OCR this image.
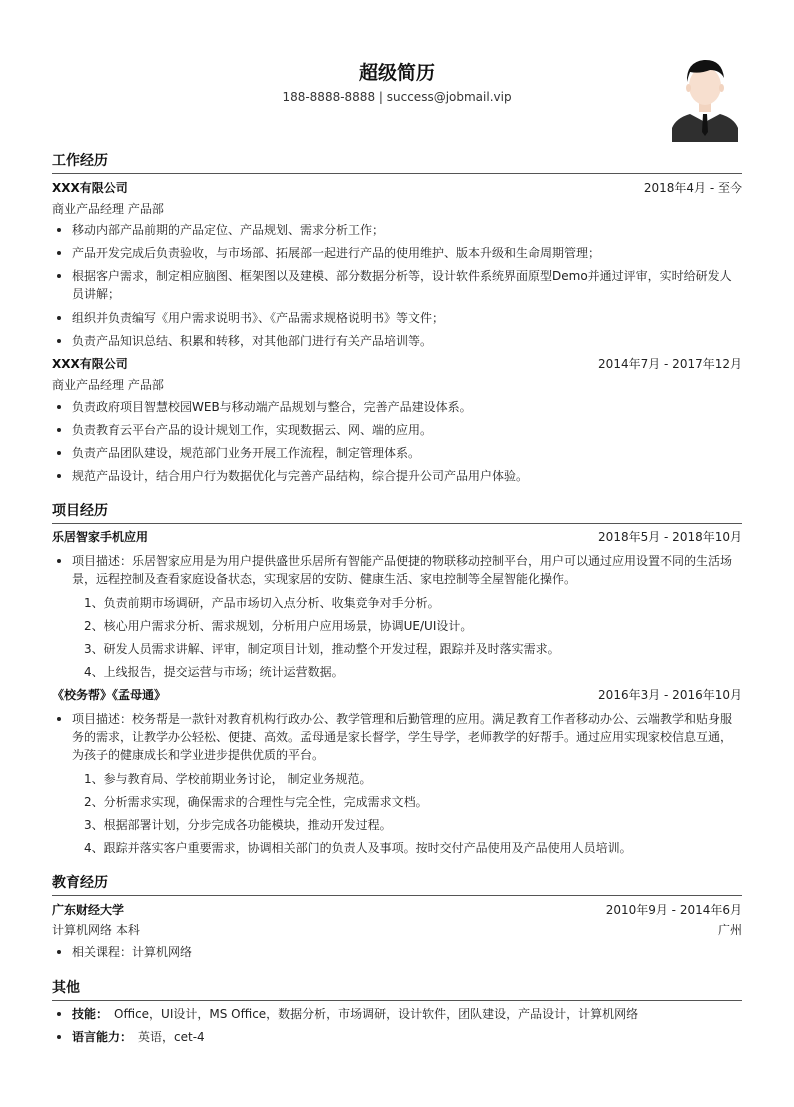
超级简历
188-8888-8888 | success@jobmail.vip
工作经历
XXX有限公司	2018年4月 - 至今
商业产品经理 产品部
移动内部产品前期的产品定位、产品规划、需求分析工作；
产品开发完成后负责验收，与市场部、拓展部一起进行产品的使用维护、版本升级和生命周期管理；
根据客户需求，制定相应脑图、框架图以及建模、部分数据分析等，设计软件系统界面原型Demo并通过评审，实时给研发人员讲解；
组织并负责编写《用户需求说明书》、《产品需求规格说明书》等文件；
负责产品知识总结、积累和转移，对其他部门进行有关产品培训等。
XXX有限公司	2014年7月 - 2017年12月
商业产品经理 产品部
负责政府项目智慧校园WEB与移动端产品规划与整合，完善产品建设体系。
负责教育云平台产品的设计规划工作，实现数据云、网、端的应用。
负责产品团队建设，规范部门业务开展工作流程，制定管理体系。
规范产品设计，结合用户行为数据优化与完善产品结构，综合提升公司产品用户体验。
项目经历
乐居智家手机应用	2018年5月 - 2018年10月
项目描述：乐居智家应用是为用户提供盛世乐居所有智能产品便捷的物联移动控制平台，用户可以通过应用设置不同的生活场景，远程控制及查看家庭设备状态，实现家居的安防、健康生活、家电控制等全屋智能化操作。
1、负责前期市场调研，产品市场切入点分析、收集竞争对手分析。
2、核心用户需求分析、需求规划，分析用户应用场景，协调UE/UI设计。
3、研发人员需求讲解、评审，制定项目计划，推动整个开发过程，跟踪并及时落实需求。
4、上线报告，提交运营与市场；统计运营数据。
《校务帮》《孟母通》	2016年3月 - 2016年10月
项目描述：校务帮是一款针对教育机构行政办公、教学管理和后勤管理的应用。满足教育工作者移动办公、云端教学和贴身服务的需求，让教学办公轻松、便捷、高效。孟母通是家长督学，学生导学，老师教学的好帮手。通过应用实现家校信息互通，为孩子的健康成长和学业进步提供优质的平台。
1、参与教育局、学校前期业务讨论， 制定业务规范。
2、分析需求实现，确保需求的合理性与完全性，完成需求文档。
3、根据部署计划，分步完成各功能模块，推动开发过程。
4、跟踪并落实客户重要需求，协调相关部门的负责人及事项。按时交付产品使用及产品使用人员培训。
教育经历
广东财经大学	2010年9月 - 2014年6月
计算机网络 本科	广州
相关课程：计算机网络
其他
技能： Office，UI设计，MS Office，数据分析，市场调研，设计软件，团队建设，产品设计，计算机网络
语言能力： 英语，cet-4
